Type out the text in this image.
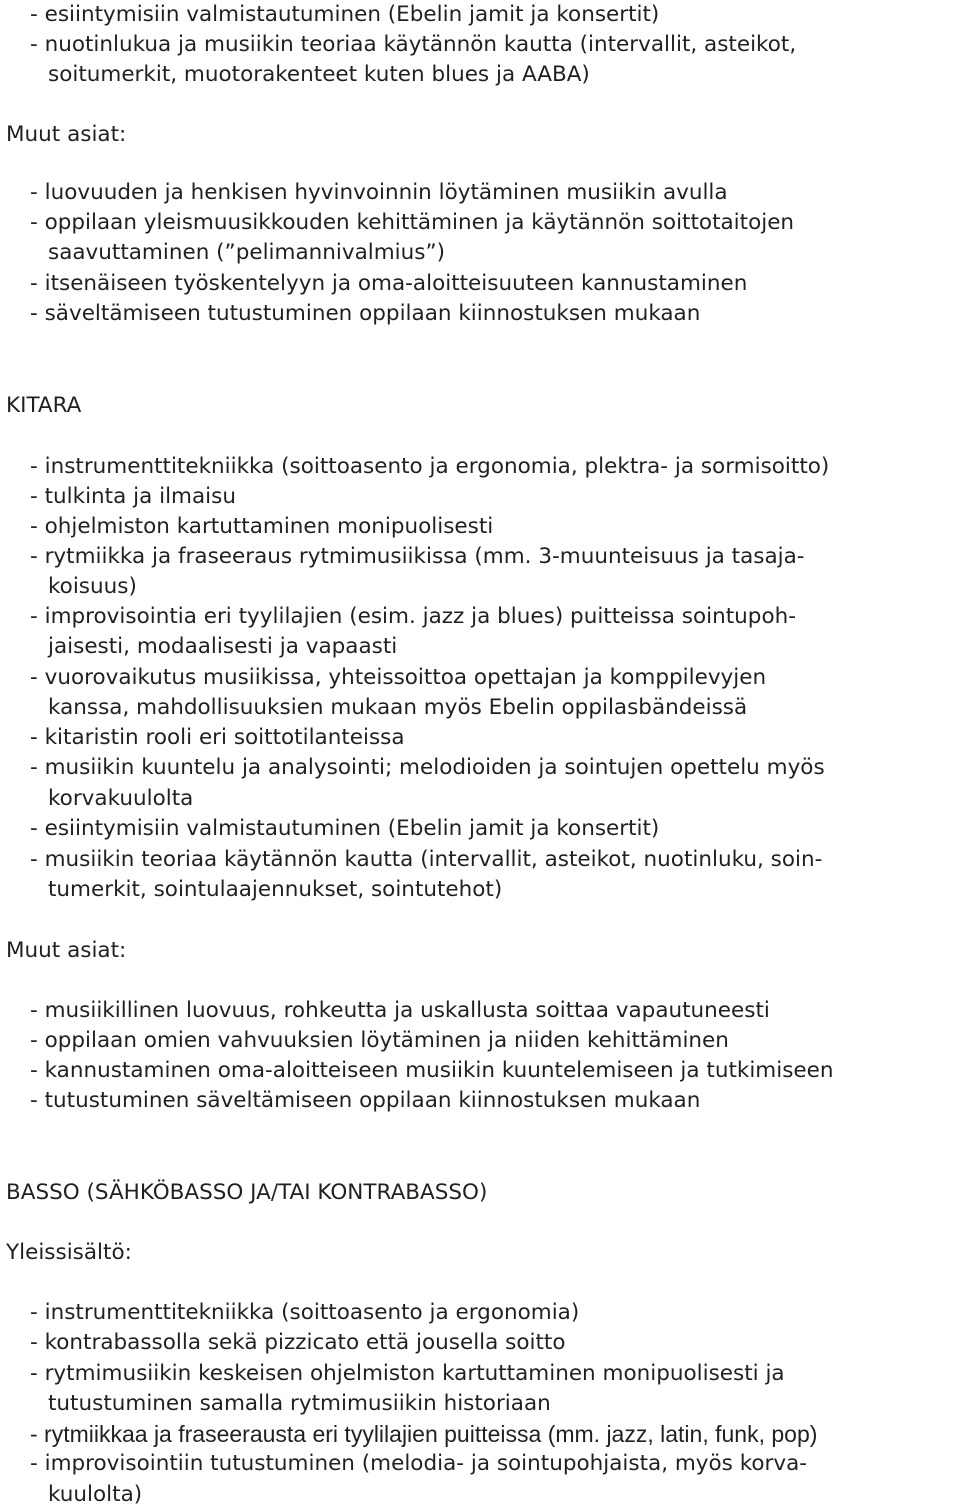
- esiintymisiin valmistautuminen (Ebelin jamit ja konsertit)
- nuotinlukua ja musiikin teoriaa käytännön kautta (intervallit, asteikot,
soitumerkit, muotorakenteet kuten blues ja AABA)
Muut asiat:
- luovuuden ja henkisen hyvinvoinnin löytäminen musiikin avulla
- oppilaan yleismuusikkouden kehittäminen ja käytännön soittotaitojen
saavuttaminen (”pelimannivalmius”)
- itsenäiseen työskentelyyn ja oma-aloitteisuuteen kannustaminen
- säveltämiseen tutustuminen oppilaan kiinnostuksen mukaan
KITARA
- instrumenttitekniikka (soittoasento ja ergonomia, plektra- ja sormisoitto)
- tulkinta ja ilmaisu
- ohjelmiston kartuttaminen monipuolisesti
- rytmiikka ja fraseeraus rytmimusiikissa (mm. 3-muunteisuus ja tasaja-
koisuus)
- improvisointia eri tyylilajien (esim. jazz ja blues) puitteissa sointupoh-
jaisesti, modaalisesti ja vapaasti
- vuorovaikutus musiikissa, yhteissoittoa opettajan ja komppilevyjen
kanssa, mahdollisuuksien mukaan myös Ebelin oppilasbändeissä
- kitaristin rooli eri soittotilanteissa
- musiikin kuuntelu ja analysointi; melodioiden ja sointujen opettelu myös
korvakuulolta
- esiintymisiin valmistautuminen (Ebelin jamit ja konsertit)
- musiikin teoriaa käytännön kautta (intervallit, asteikot, nuotinluku, soin-
tumerkit, sointulaajennukset, sointutehot)
Muut asiat:
- musiikillinen luovuus, rohkeutta ja uskallusta soittaa vapautuneesti
- oppilaan omien vahvuuksien löytäminen ja niiden kehittäminen
- kannustaminen oma-aloitteiseen musiikin kuuntelemiseen ja tutkimiseen
- tutustuminen säveltämiseen oppilaan kiinnostuksen mukaan
BASSO (SÄHKÖBASSO JA/TAI KONTRABASSO)
Yleissisältö:
- instrumenttitekniikka (soittoasento ja ergonomia)
- kontrabassolla sekä pizzicato että jousella soitto
- rytmimusiikin keskeisen ohjelmiston kartuttaminen monipuolisesti ja
tutustuminen samalla rytmimusiikin historiaan
- rytmiikkaa ja fraseerausta eri tyylilajien puitteissa (mm. jazz, latin, funk, pop)
- improvisointiin tutustuminen (melodia- ja sointupohjaista, myös korva-
kuulolta)
